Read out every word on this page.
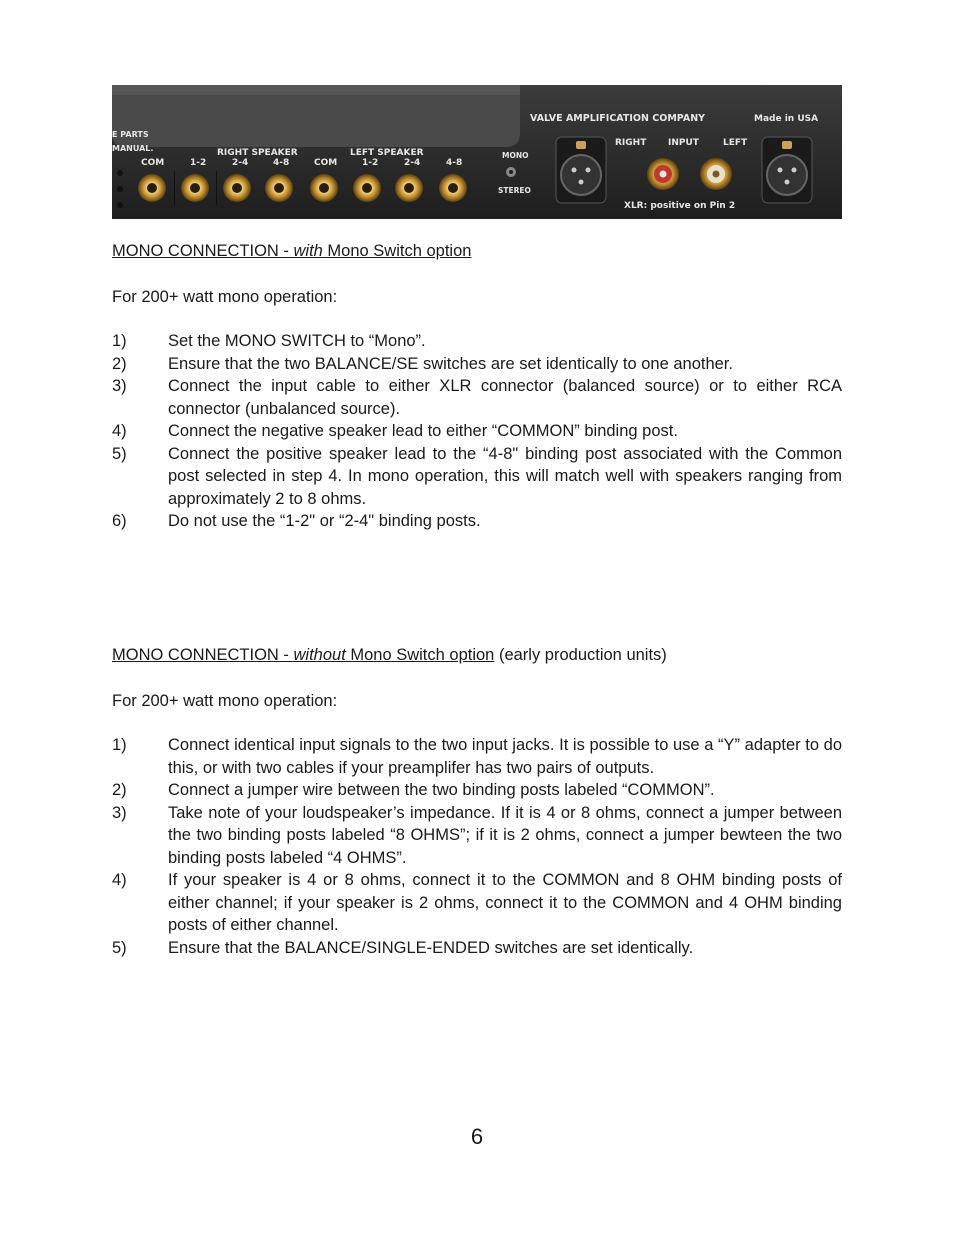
E PARTS
MANUAL.	RIGHT SPEAKER	LEFT SPEAKER
COM	1-2	2-4	4-8	COM	1-2	2-4	4-8
MONO
STEREO
VALVE AMPLIFICATION COMPANY	Made in USA
RIGHT INPUT	LEFT
XLR: positive on Pin 2
MONO CONNECTION - with Mono Switch option
For 200+ watt mono operation:
1)	Set the MONO SWITCH to “Mono”.
2)	Ensure that the two BALANCE/SE switches are set identically to one another.
3)	Connect the input cable to either XLR connector (balanced source) or to either RCA connector (unbalanced source).
4)	Connect the negative speaker lead to either “COMMON” binding post.
5)	Connect the positive speaker lead to the “4-8" binding post associated with the Common post selected in step 4. In mono operation, this will match well with speakers ranging from approximately 2 to 8 ohms.
6)	Do not use the “1-2" or “2-4" binding posts.
MONO CONNECTION - without Mono Switch option (early production units)
For 200+ watt mono operation:
1)	Connect identical input signals to the two input jacks. It is possible to use a “Y” adapter to do this, or with two cables if your preamplifer has two pairs of outputs.
2)	Connect a jumper wire between the two binding posts labeled “COMMON”.
3)	Take note of your loudspeaker’s impedance. If it is 4 or 8 ohms, connect a jumper between the two binding posts labeled “8 OHMS”; if it is 2 ohms, connect a jumper bewteen the two binding posts labeled “4 OHMS”.
4)	If your speaker is 4 or 8 ohms, connect it to the COMMON and 8 OHM binding posts of either channel; if your speaker is 2 ohms, connect it to the COMMON and 4 OHM binding posts of either channel.
5)	Ensure that the BALANCE/SINGLE-ENDED switches are set identically.
6
